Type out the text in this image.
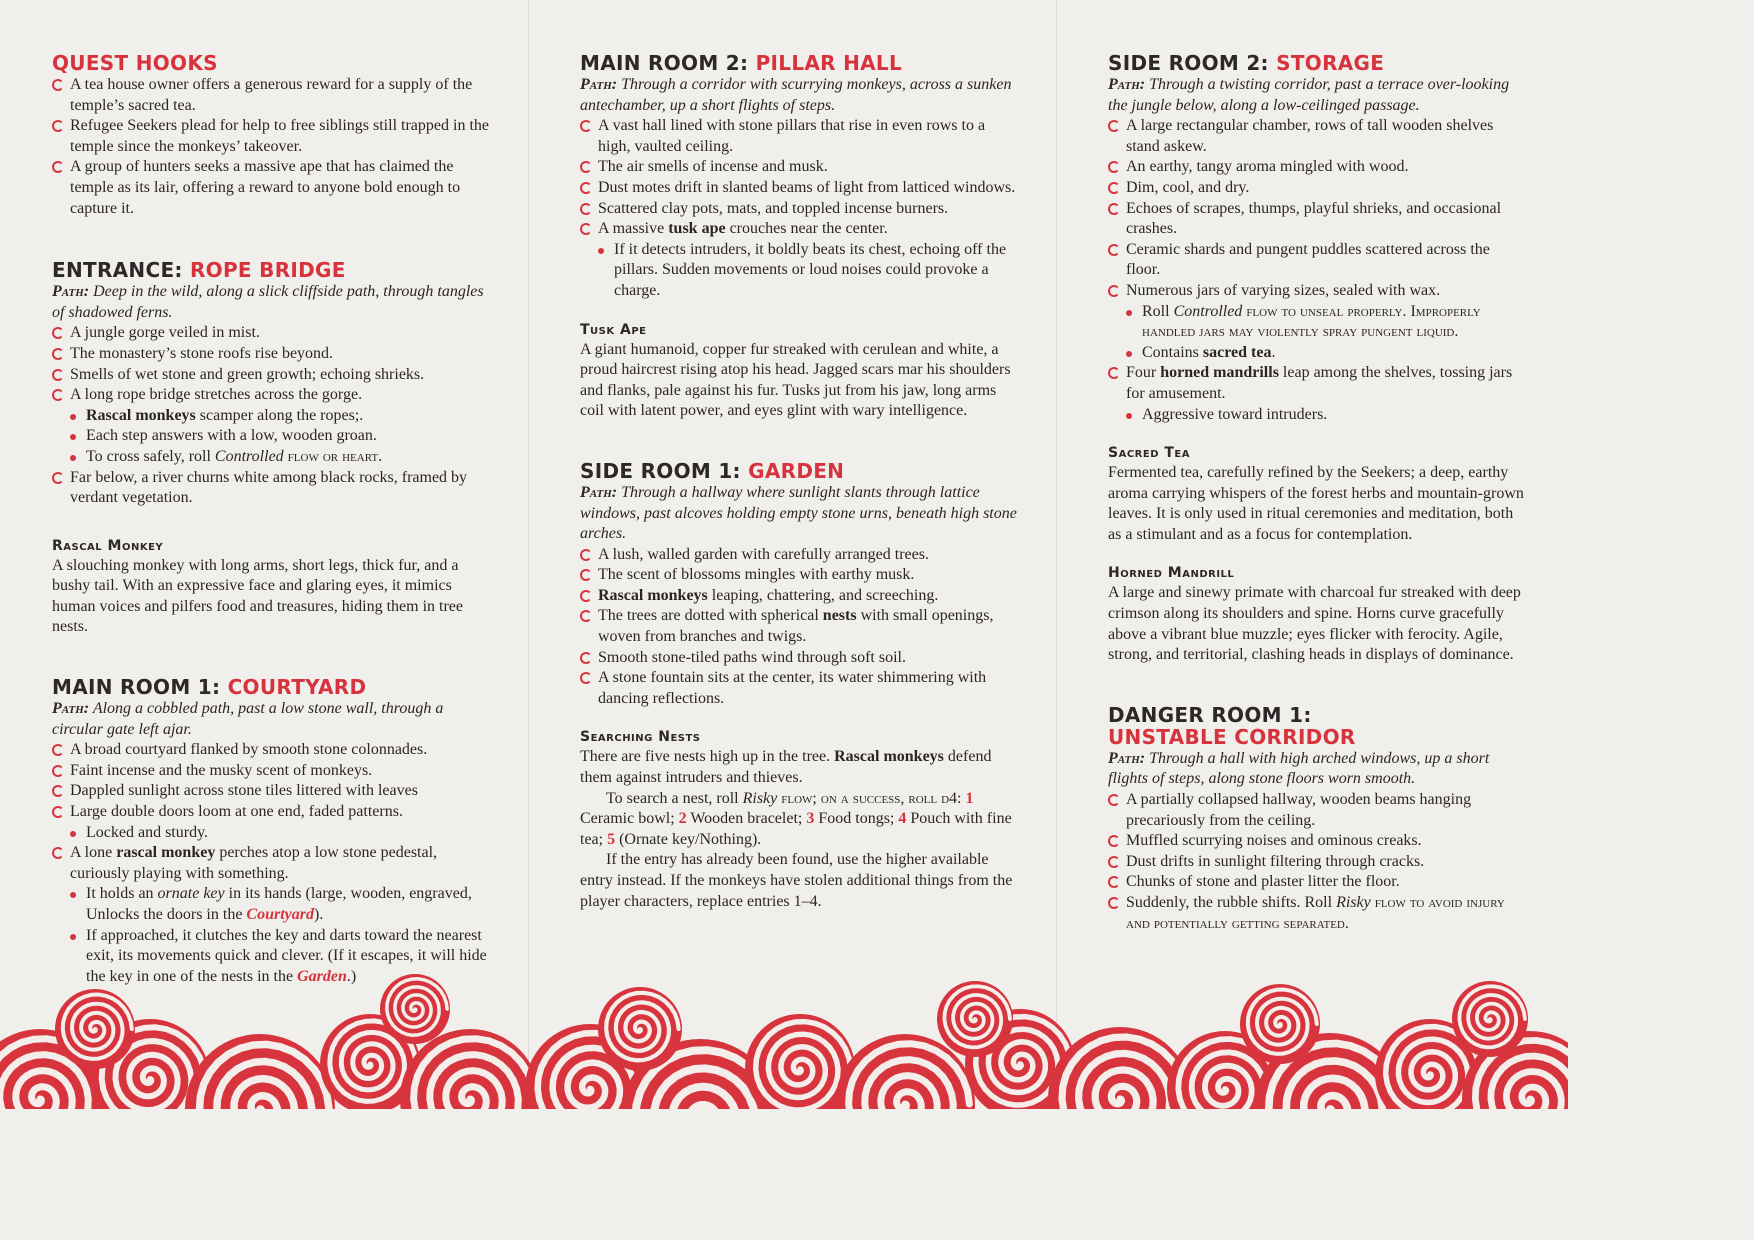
QUEST HOOKS
A tea house owner offers a generous reward for a supply of the temple’s sacred tea.
Refugee Seekers plead for help to free siblings still trapped in the temple since the monkeys’ takeover.
A group of hunters seeks a massive ape that has claimed the temple as its lair, offering a reward to anyone bold enough to capture it.
ENTRANCE: ROPE BRIDGE

Path: Deep in the wild, along a slick cliffside path, through tangles of shadowed ferns.

A jungle gorge veiled in mist.
The monastery’s stone roofs rise beyond.
Smells of wet stone and green growth; echoing shrieks.
A long rope bridge stretches across the gorge.
Rascal monkeys scamper along the ropes;.
Each step answers with a low, wooden groan.
To cross safely, roll Controlled flow or heart.
Far below, a river churns white among black rocks, framed by verdant vegetation.
Rascal Monkey

A slouching monkey with long arms, short legs, thick fur, and a bushy tail. With an expressive face and glaring eyes, it mimics human voices and pilfers food and treasures, hiding them in tree nests.

MAIN ROOM 1: COURTYARD

Path: Along a cobbled path, past a low stone wall, through a circular gate left ajar.

A broad courtyard flanked by smooth stone colonnades.
Faint incense and the musky scent of monkeys.
Dappled sunlight across stone tiles littered with leaves
Large double doors loom at one end, faded patterns.
Locked and sturdy.
A lone rascal monkey perches atop a low stone pedestal, curiously playing with something.
It holds an ornate key in its hands (large, wooden, engraved, Unlocks the doors in the Courtyard).
If approached, it clutches the key and darts toward the nearest exit, its movements quick and clever. (If it escapes, it will hide the key in one of the nests in the Garden.)
MAIN ROOM 2: PILLAR HALL

Path: Through a corridor with scurrying monkeys, across a sunken antechamber, up a short flights of steps.

A vast hall lined with stone pillars that rise in even rows to a high, vaulted ceiling.
The air smells of incense and musk.
Dust motes drift in slanted beams of light from latticed windows.
Scattered clay pots, mats, and toppled incense burners.
A massive tusk ape crouches near the center.
If it detects intruders, it boldly beats its chest, echoing off the pillars. Sudden movements or loud noises could provoke a charge.
Tusk Ape

A giant humanoid, copper fur streaked with cerulean and white, a proud haircrest rising atop his head. Jagged scars mar his shoulders and flanks, pale against his fur. Tusks jut from his jaw, long arms coil with latent power, and eyes glint with wary intelligence.

SIDE ROOM 1: GARDEN

Path: Through a hallway where sunlight slants through lattice windows, past alcoves holding empty stone urns, beneath high stone arches.

A lush, walled garden with carefully arranged trees.
The scent of blossoms mingles with earthy musk.
Rascal monkeys leaping, chattering, and screeching.
The trees are dotted with spherical nests with small openings, woven from branches and twigs.
Smooth stone-tiled paths wind through soft soil.
A stone fountain sits at the center, its water shimmering with dancing reflections.
Searching Nests

There are five nests high up in the tree. Rascal monkeys defend them against intruders and thieves.

To search a nest, roll Risky flow; on a success, roll d4: 1 Ceramic bowl; 2 Wooden bracelet; 3 Food tongs; 4 Pouch with fine tea; 5 (Ornate key/Nothing).

If the entry has already been found, use the higher available entry instead. If the monkeys have stolen additional things from the player characters, replace entries 1–4.

SIDE ROOM 2: STORAGE

Path: Through a twisting corridor, past a terrace over-looking the jungle below, along a low-ceilinged passage.

A large rectangular chamber, rows of tall wooden shelves stand askew.
An earthy, tangy aroma mingled with wood.
Dim, cool, and dry.
Echoes of scrapes, thumps, playful shrieks, and occasional crashes.
Ceramic shards and pungent puddles scattered across the floor.
Numerous jars of varying sizes, sealed with wax.
Roll Controlled flow to unseal properly. Improperly handled jars may violently spray pungent liquid.
Contains sacred tea.
Four horned mandrills leap among the shelves, tossing jars for amusement.
Aggressive toward intruders.
Sacred Tea

Fermented tea, carefully refined by the Seekers; a deep, earthy aroma carrying whispers of the forest herbs and mountain-grown leaves. It is only used in ritual ceremonies and meditation, both as a stimulant and as a focus for contemplation.

Horned Mandrill

A large and sinewy primate with charcoal fur streaked with deep crimson along its shoulders and spine. Horns curve gracefully above a vibrant blue muzzle; eyes flicker with ferocity. Agile, strong, and territorial, clashing heads in displays of dominance.

DANGER ROOM 1:
UNSTABLE CORRIDOR

Path: Through a hall with high arched windows, up a short flights of steps, along stone floors worn smooth.

A partially collapsed hallway, wooden beams hanging precariously from the ceiling.
Muffled scurrying noises and ominous creaks.
Dust drifts in sunlight filtering through cracks.
Chunks of stone and plaster litter the floor.
Suddenly, the rubble shifts. Roll Risky flow to avoid injury and potentially getting separated.
